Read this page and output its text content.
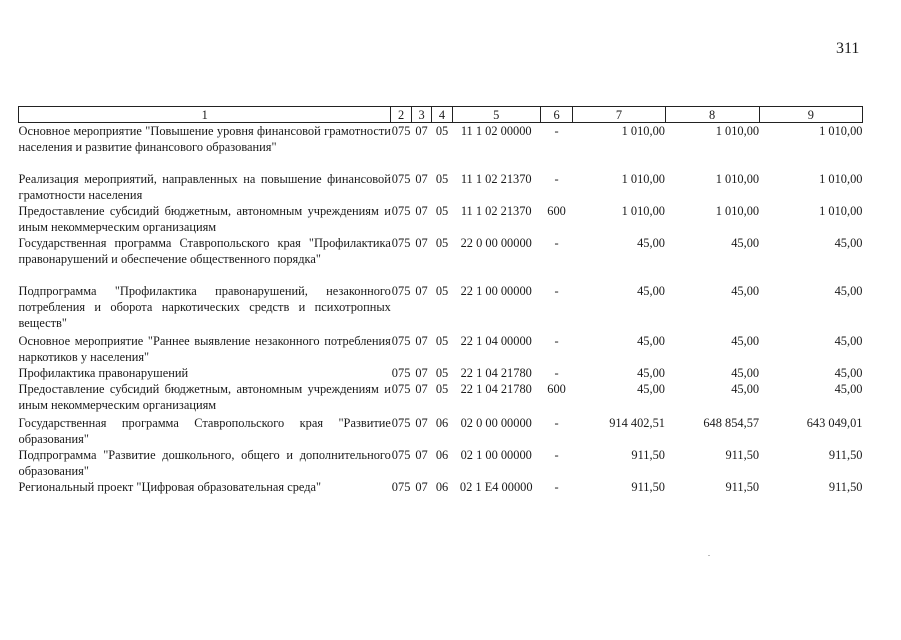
311
1	2	3	4	5	6	7	8	9
Основное мероприятие "Повышение уровня финансовой грамотности населения и развитие финансового образования"	075	07	05	11 1 02 00000	-	1 010,00	1 010,00	1 010,00
Реализация мероприятий, направленных на повышение финансовой грамотности населения	075	07	05	11 1 02 21370	-	1 010,00	1 010,00	1 010,00
Предоставление субсидий бюджетным, автономным учреждениям и иным некоммерческим организациям	075	07	05	11 1 02 21370	600	1 010,00	1 010,00	1 010,00
Государственная программа Ставропольского края "Профилактика правонарушений и обеспечение общественного порядка"	075	07	05	22 0 00 00000	-	45,00	45,00	45,00
Подпрограмма "Профилактика правонарушений, незаконного потребления и оборота наркотических средств и психотропных веществ"	075	07	05	22 1 00 00000	-	45,00	45,00	45,00
Основное мероприятие "Раннее выявление незаконного потребления наркотиков у населения"	075	07	05	22 1 04 00000	-	45,00	45,00	45,00
Профилактика правонарушений	075	07	05	22 1 04 21780	-	45,00	45,00	45,00
Предоставление субсидий бюджетным, автономным учреждениям и иным некоммерческим организациям	075	07	05	22 1 04 21780	600	45,00	45,00	45,00
Государственная программа Ставропольского края "Развитие образования"	075	07	06	02 0 00 00000	-	914 402,51	648 854,57	643 049,01
Подпрограмма "Развитие дошкольного, общего и дополнительного образования"	075	07	06	02 1 00 00000	-	911,50	911,50	911,50
Региональный проект "Цифровая образовательная среда"	075	07	06	02 1 E4 00000	-	911,50	911,50	911,50
